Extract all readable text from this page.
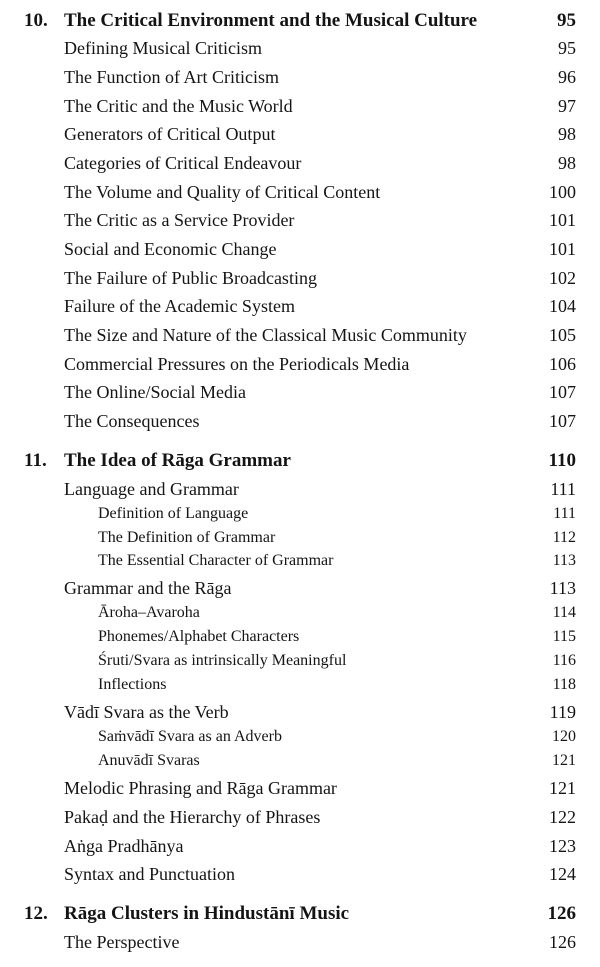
10. The Critical Environment and the Musical Culture	95
Defining Musical Criticism	95
The Function of Art Criticism	96
The Critic and the Music World	97
Generators of Critical Output	98
Categories of Critical Endeavour	98
The Volume and Quality of Critical Content	100
The Critic as a Service Provider	101
Social and Economic Change	101
The Failure of Public Broadcasting	102
Failure of the Academic System	104
The Size and Nature of the Classical Music Community	105
Commercial Pressures on the Periodicals Media	106
The Online/Social Media	107
The Consequences	107
11. The Idea of Rāga Grammar	110
Language and Grammar	111
Definition of Language	111
The Definition of Grammar	112
The Essential Character of Grammar	113
Grammar and the Rāga	113
Āroha–Avaroha	114
Phonemes/Alphabet Characters	115
Śruti/Svara as intrinsically Meaningful	116
Inflections	118
Vādī Svara as the Verb	119
Saṁvādī Svara as an Adverb	120
Anuvādī Svaras	121
Melodic Phrasing and Rāga Grammar	121
Pakaḍ and the Hierarchy of Phrases	122
Aṅga Pradhānya	123
Syntax and Punctuation	124
12. Rāga Clusters in Hindustānī Music	126
The Perspective	126
